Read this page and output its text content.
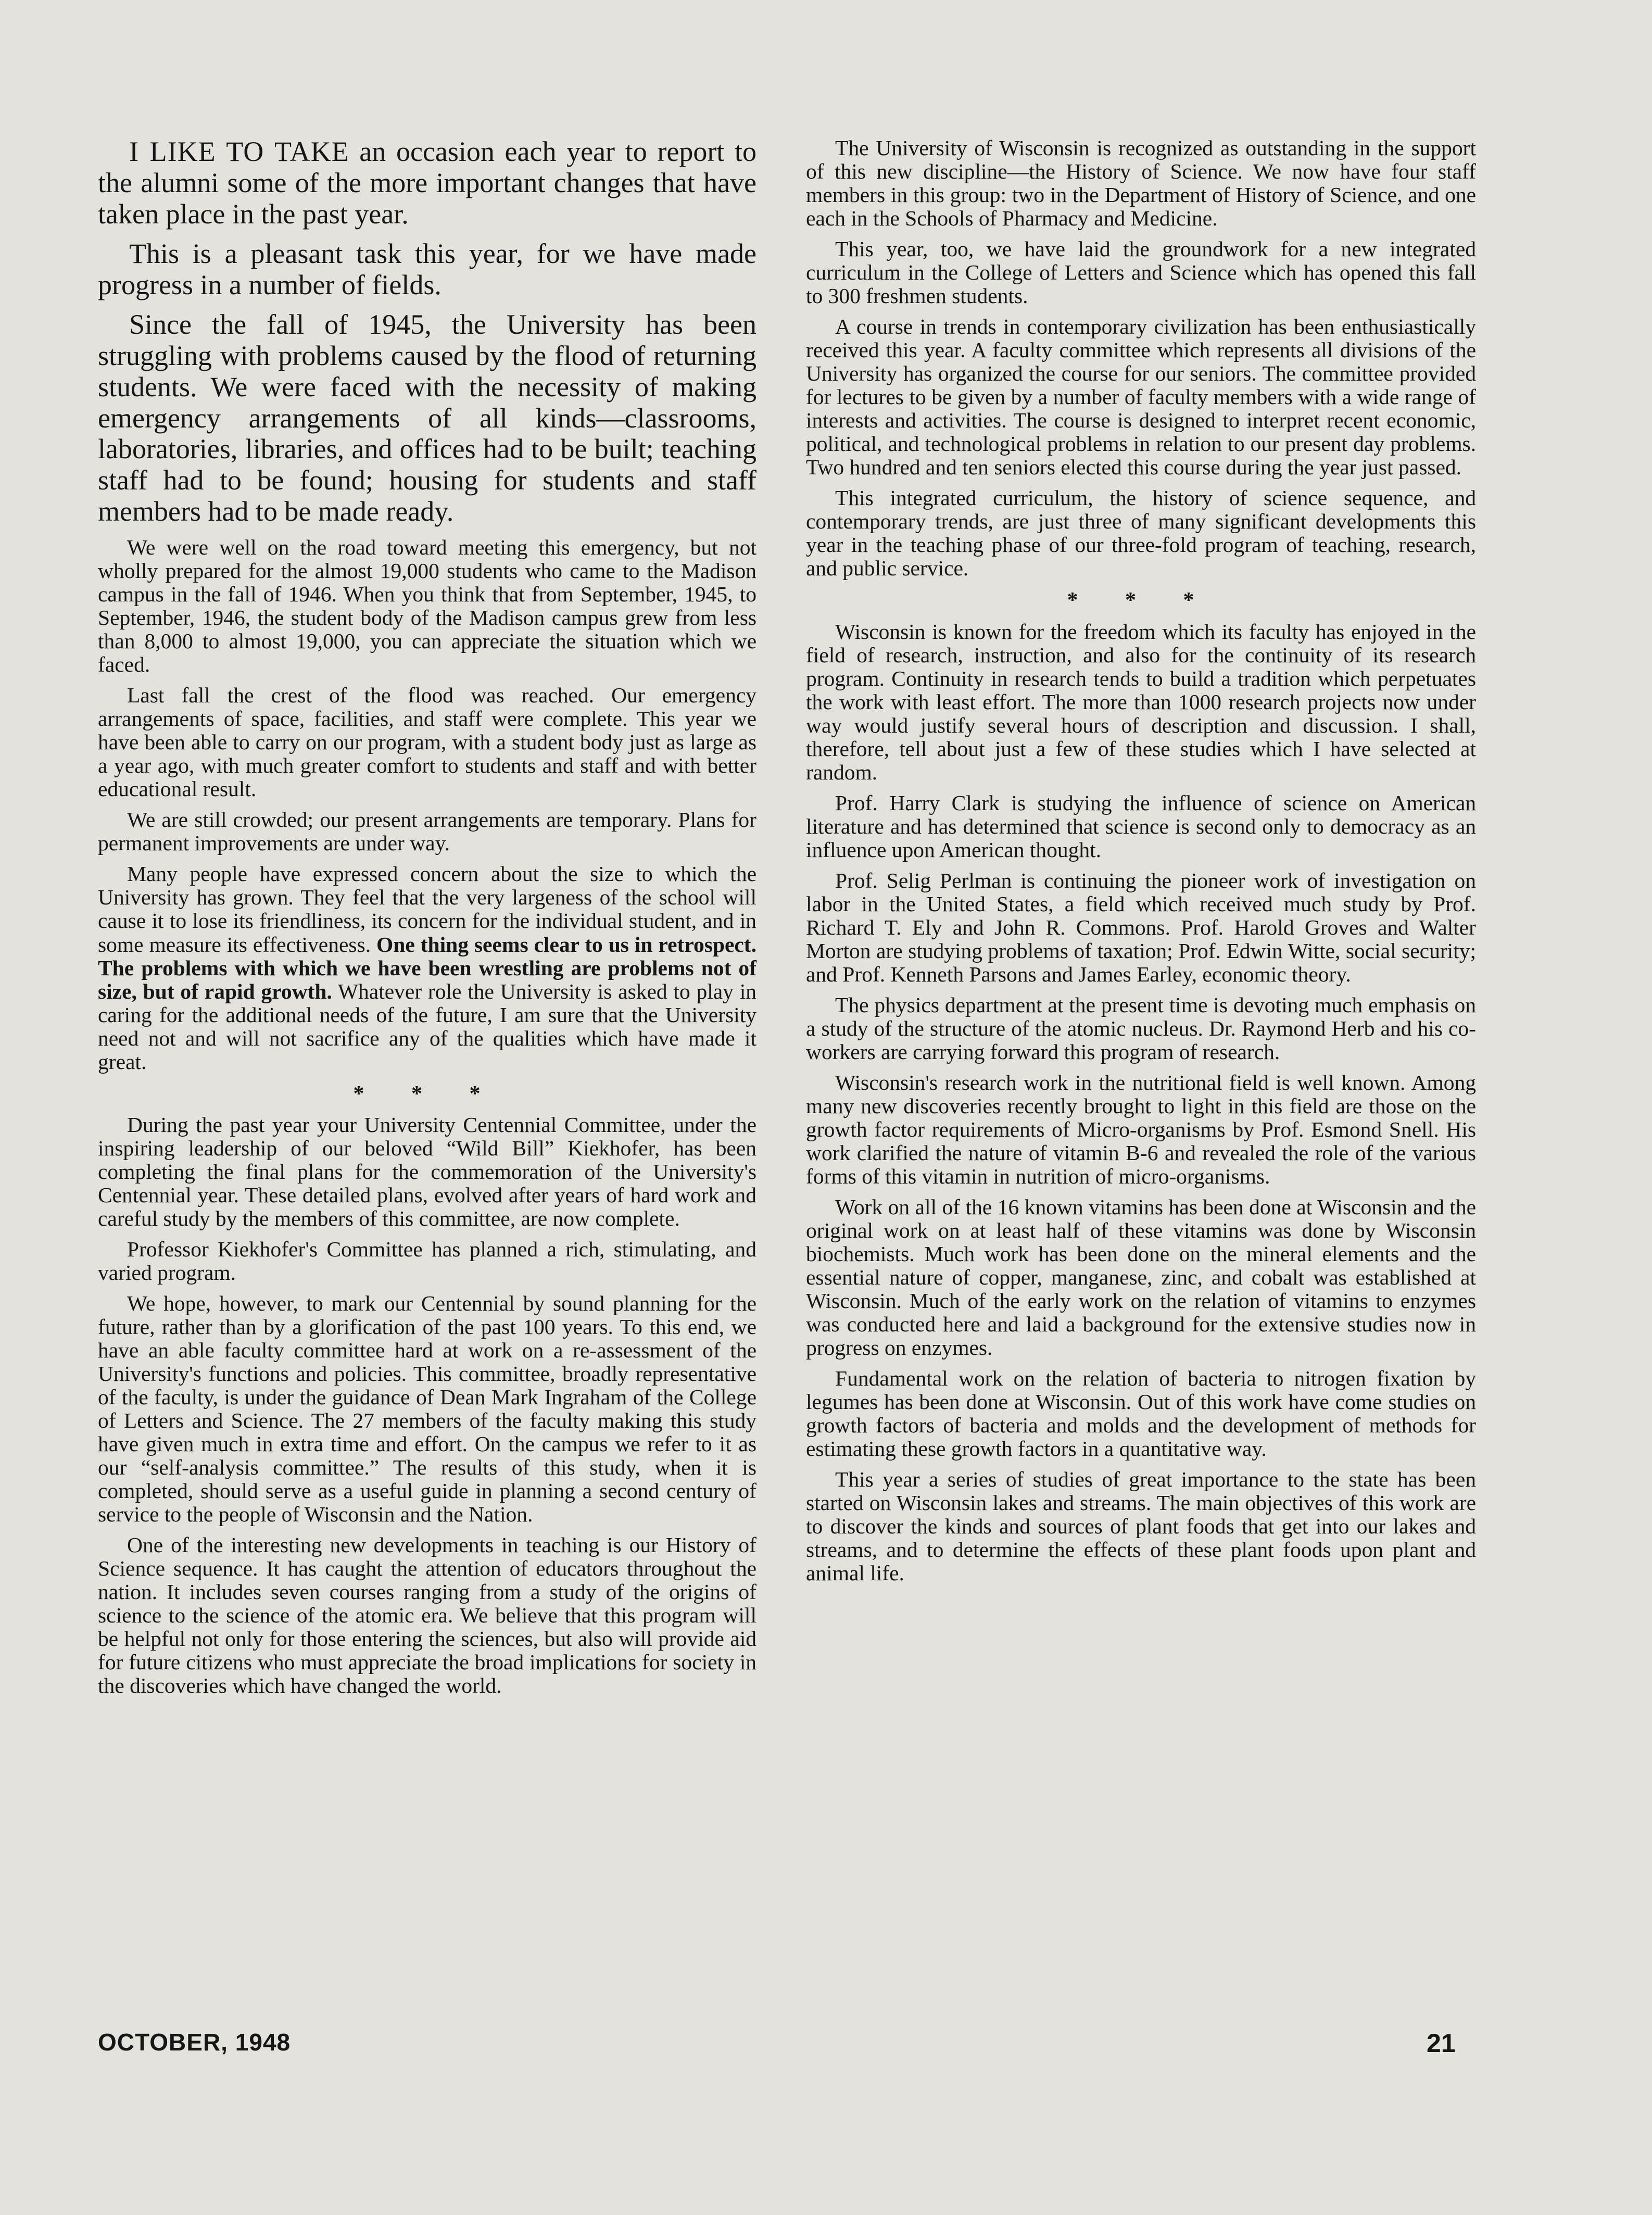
I LIKE TO TAKE an occasion each year to report to the alumni some of the more important changes that have taken place in the past year.

This is a pleasant task this year, for we have made progress in a number of fields.

Since the fall of 1945, the University has been struggling with problems caused by the flood of returning students. We were faced with the necessity of making emergency arrangements of all kinds—classrooms, laboratories, libraries, and offices had to be built; teaching staff had to be found; housing for students and staff members had to be made ready.

We were well on the road toward meeting this emergency, but not wholly prepared for the almost 19,000 students who came to the Madison campus in the fall of 1946. When you think that from September, 1945, to September, 1946, the student body of the Madison campus grew from less than 8,000 to almost 19,000, you can appreciate the situation which we faced.

Last fall the crest of the flood was reached. Our emergency arrangements of space, facilities, and staff were complete. This year we have been able to carry on our program, with a student body just as large as a year ago, with much greater comfort to students and staff and with better educational result.

We are still crowded; our present arrangements are temporary. Plans for permanent improvements are under way.

Many people have expressed concern about the size to which the University has grown. They feel that the very largeness of the school will cause it to lose its friendliness, its concern for the individual student, and in some measure its effectiveness. One thing seems clear to us in retrospect. The problems with which we have been wrestling are problems not of size, but of rapid growth. Whatever role the University is asked to play in caring for the additional needs of the future, I am sure that the University need not and will not sacrifice any of the qualities which have made it great.

* * *

During the past year your University Centennial Committee, under the inspiring leadership of our beloved “Wild Bill” Kiekhofer, has been completing the final plans for the commemoration of the University's Centennial year. These detailed plans, evolved after years of hard work and careful study by the members of this committee, are now complete.

Professor Kiekhofer's Committee has planned a rich, stimulating, and varied program.

We hope, however, to mark our Centennial by sound planning for the future, rather than by a glorification of the past 100 years. To this end, we have an able faculty committee hard at work on a re-assessment of the University's functions and policies. This committee, broadly representative of the faculty, is under the guidance of Dean Mark Ingraham of the College of Letters and Science. The 27 members of the faculty making this study have given much in extra time and effort. On the campus we refer to it as our “self-analysis committee.” The results of this study, when it is completed, should serve as a useful guide in planning a second century of service to the people of Wisconsin and the Nation.

One of the interesting new developments in teaching is our History of Science sequence. It has caught the attention of educators throughout the nation. It includes seven courses ranging from a study of the origins of science to the science of the atomic era. We believe that this program will be helpful not only for those entering the sciences, but also will provide aid for future citizens who must appreciate the broad implications for society in the discoveries which have changed the world.

The University of Wisconsin is recognized as outstanding in the support of this new discipline—the History of Science. We now have four staff members in this group: two in the Department of History of Science, and one each in the Schools of Pharmacy and Medicine.

This year, too, we have laid the groundwork for a new integrated curriculum in the College of Letters and Science which has opened this fall to 300 freshmen students.

A course in trends in contemporary civilization has been enthusiastically received this year. A faculty committee which represents all divisions of the University has organized the course for our seniors. The committee provided for lectures to be given by a number of faculty members with a wide range of interests and activities. The course is designed to interpret recent economic, political, and technological problems in relation to our present day problems. Two hundred and ten seniors elected this course during the year just passed.

This integrated curriculum, the history of science sequence, and contemporary trends, are just three of many significant developments this year in the teaching phase of our three-fold program of teaching, research, and public service.

* * *

Wisconsin is known for the freedom which its faculty has enjoyed in the field of research, instruction, and also for the continuity of its research program. Continuity in research tends to build a tradition which perpetuates the work with least effort. The more than 1000 research projects now under way would justify several hours of description and discussion. I shall, therefore, tell about just a few of these studies which I have selected at random.

Prof. Harry Clark is studying the influence of science on American literature and has determined that science is second only to democracy as an influence upon American thought.

Prof. Selig Perlman is continuing the pioneer work of investigation on labor in the United States, a field which received much study by Prof. Richard T. Ely and John R. Commons. Prof. Harold Groves and Walter Morton are studying problems of taxation; Prof. Edwin Witte, social security; and Prof. Kenneth Parsons and James Earley, economic theory.

The physics department at the present time is devoting much emphasis on a study of the structure of the atomic nucleus. Dr. Raymond Herb and his co-workers are carrying forward this program of research.

Wisconsin's research work in the nutritional field is well known. Among many new discoveries recently brought to light in this field are those on the growth factor requirements of Micro-organisms by Prof. Esmond Snell. His work clarified the nature of vitamin B-6 and revealed the role of the various forms of this vitamin in nutrition of micro-organisms.

Work on all of the 16 known vitamins has been done at Wisconsin and the original work on at least half of these vitamins was done by Wisconsin biochemists. Much work has been done on the mineral elements and the essential nature of copper, manganese, zinc, and cobalt was established at Wisconsin. Much of the early work on the relation of vitamins to enzymes was conducted here and laid a background for the extensive studies now in progress on enzymes.

Fundamental work on the relation of bacteria to nitrogen fixation by legumes has been done at Wisconsin. Out of this work have come studies on growth factors of bacteria and molds and the development of methods for estimating these growth factors in a quantitative way.

This year a series of studies of great importance to the state has been started on Wisconsin lakes and streams. The main objectives of this work are to discover the kinds and sources of plant foods that get into our lakes and streams, and to determine the effects of these plant foods upon plant and animal life.

OCTOBER, 1948	21
